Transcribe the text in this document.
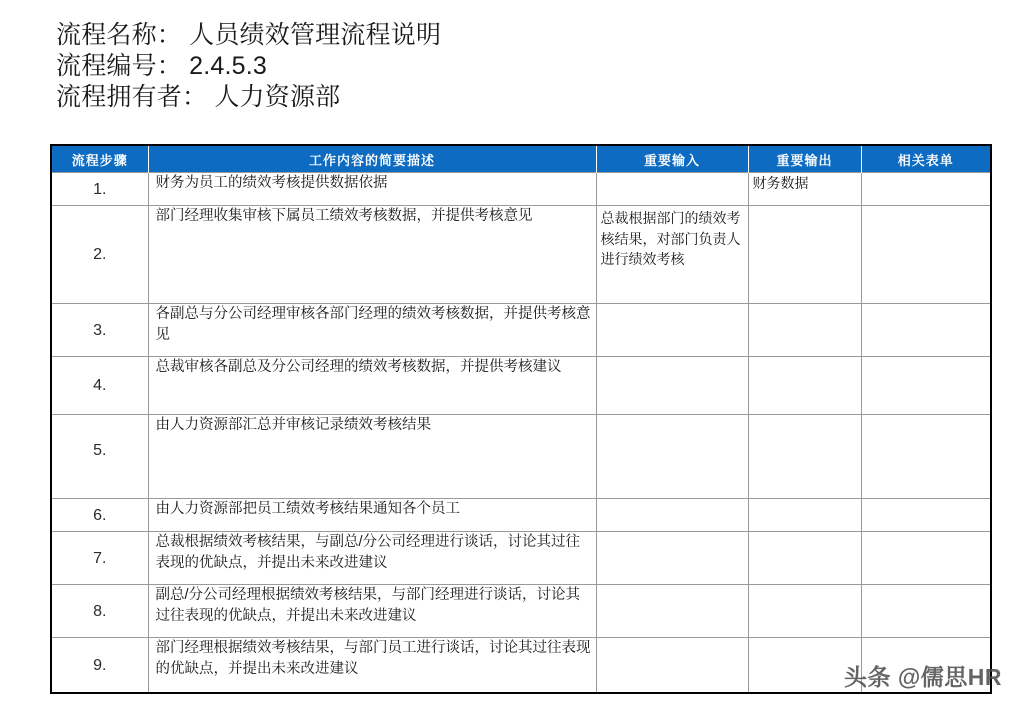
流程名称： 人员绩效管理流程说明
流程编号： 2.4.5.3
流程拥有者： 人力资源部
流程步骤	工作内容的简要描述	重要输入	重要输出	相关表单
1.	财务为员工的绩效考核提供数据依据		财务数据	
2.	部门经理收集审核下属员工绩效考核数据，并提供考核意见	总裁根据部门的绩效考核结果，对部门负责人进行绩效考核		
3.	各副总与分公司经理审核各部门经理的绩效考核数据，并提供考核意见			

4.	总裁审核各副总及分公司经理的绩效考核数据，并提供考核建议			

5.	由人力资源部汇总并审核记录绩效考核结果			

6.	由人力资源部把员工绩效考核结果通知各个员工			

7.	总裁根据绩效考核结果，与副总/分公司经理进行谈话，讨论其过往表现的优缺点，并提出未来改进建议			

8.	副总/分公司经理根据绩效考核结果，与部门经理进行谈话，讨论其过往表现的优缺点，并提出未来改进建议			

9.	部门经理根据绩效考核结果，与部门员工进行谈话，讨论其过往表现的优缺点，并提出未来改进建议			
				头条 @儒思HR
